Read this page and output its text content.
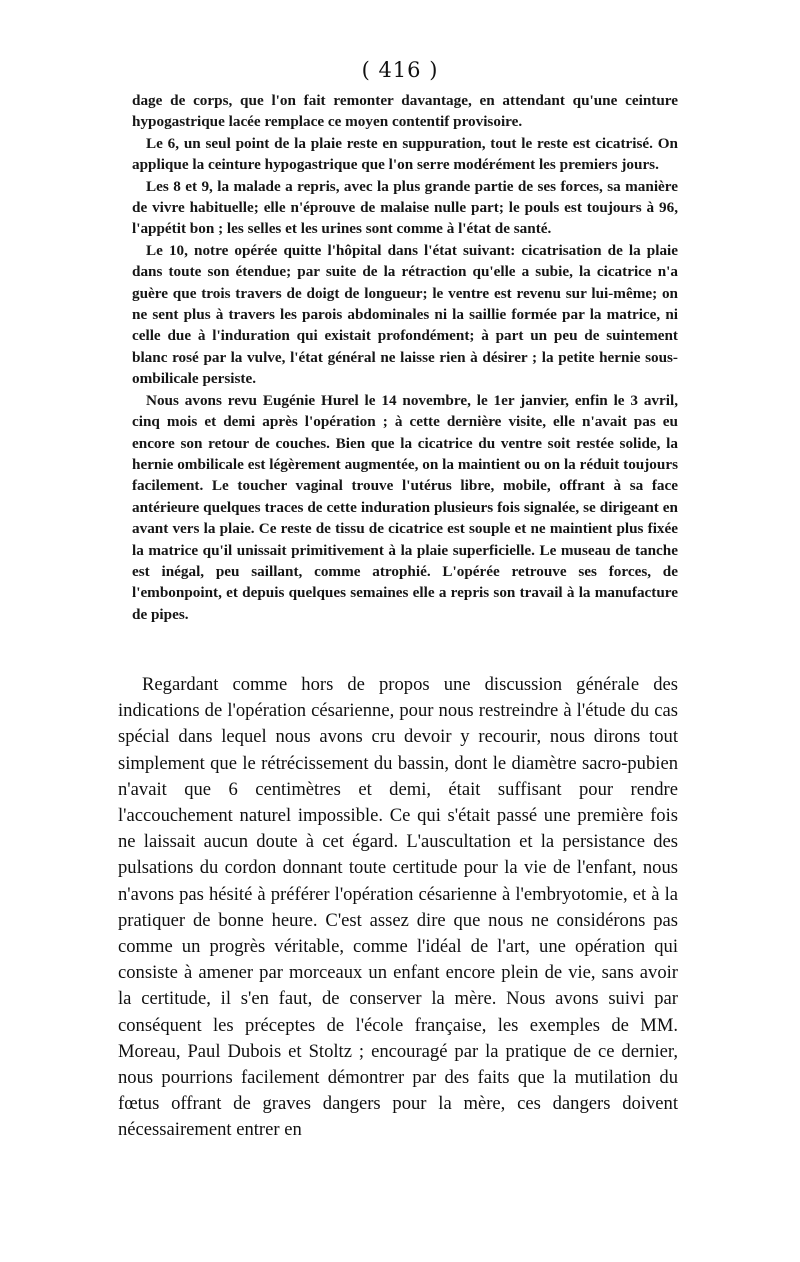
( 416 )

dage de corps, que l'on fait remonter davantage, en attendant qu'une ceinture hypogastrique lacée remplace ce moyen contentif provisoire.

Le 6, un seul point de la plaie reste en suppuration, tout le reste est cicatrisé. On applique la ceinture hypogastrique que l'on serre modérément les premiers jours.

Les 8 et 9, la malade a repris, avec la plus grande partie de ses forces, sa manière de vivre habituelle; elle n'éprouve de malaise nulle part; le pouls est toujours à 96, l'appétit bon ; les selles et les urines sont comme à l'état de santé.

Le 10, notre opérée quitte l'hôpital dans l'état suivant: cicatrisation de la plaie dans toute son étendue; par suite de la rétraction qu'elle a subie, la cicatrice n'a guère que trois travers de doigt de longueur; le ventre est revenu sur lui-même; on ne sent plus à travers les parois abdominales ni la saillie formée par la matrice, ni celle due à l'induration qui existait profondément; à part un peu de suintement blanc rosé par la vulve, l'état général ne laisse rien à désirer ; la petite hernie sous-ombilicale persiste.

Nous avons revu Eugénie Hurel le 14 novembre, le 1er janvier, enfin le 3 avril, cinq mois et demi après l'opération ; à cette dernière visite, elle n'avait pas eu encore son retour de couches. Bien que la cicatrice du ventre soit restée solide, la hernie ombilicale est légèrement augmentée, on la maintient ou on la réduit toujours facilement. Le toucher vaginal trouve l'utérus libre, mobile, offrant à sa face antérieure quelques traces de cette induration plusieurs fois signalée, se dirigeant en avant vers la plaie. Ce reste de tissu de cicatrice est souple et ne maintient plus fixée la matrice qu'il unissait primitivement à la plaie superficielle. Le museau de tanche est inégal, peu saillant, comme atrophié. L'opérée retrouve ses forces, de l'embonpoint, et depuis quelques semaines elle a repris son travail à la manufacture de pipes.

Regardant comme hors de propos une discussion générale des indications de l'opération césarienne, pour nous restreindre à l'étude du cas spécial dans lequel nous avons cru devoir y recourir, nous dirons tout simplement que le rétrécissement du bassin, dont le diamètre sacro-pubien n'avait que 6 centimètres et demi, était suffisant pour rendre l'accouchement naturel impossible. Ce qui s'était passé une première fois ne laissait aucun doute à cet égard. L'auscultation et la persistance des pulsations du cordon donnant toute certitude pour la vie de l'enfant, nous n'avons pas hésité à préférer l'opération césarienne à l'embryotomie, et à la pratiquer de bonne heure. C'est assez dire que nous ne considérons pas comme un progrès véritable, comme l'idéal de l'art, une opération qui consiste à amener par morceaux un enfant encore plein de vie, sans avoir la certitude, il s'en faut, de conserver la mère. Nous avons suivi par conséquent les préceptes de l'école française, les exemples de MM. Moreau, Paul Dubois et Stoltz ; encouragé par la pratique de ce dernier, nous pourrions facilement démontrer par des faits que la mutilation du fœtus offrant de graves dangers pour la mère, ces dangers doivent nécessairement entrer en
